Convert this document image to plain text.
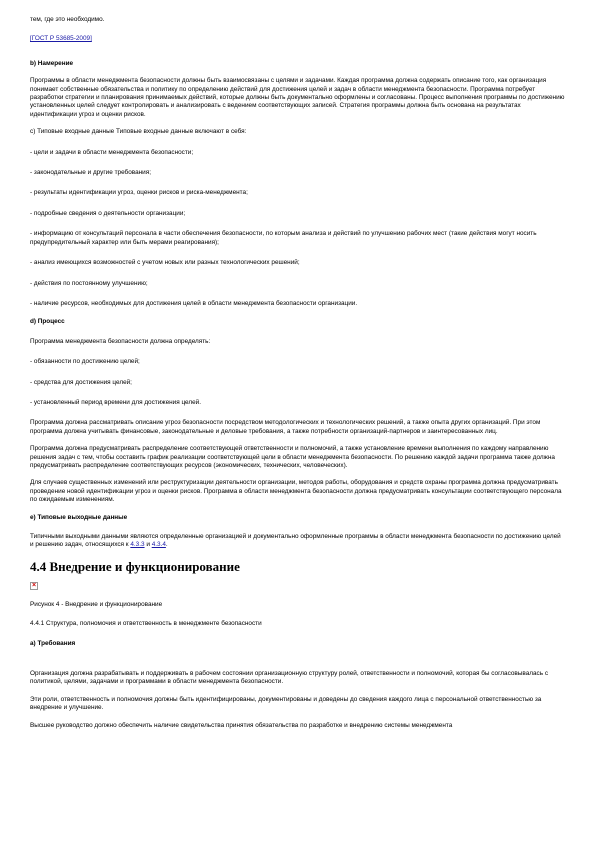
тем, где это необходимо.

[ГОСТ Р 53685-2009]

b) Намерение

Программы в области менеджмента безопасности должны быть взаимосвязаны с целями и задачами. Каждая программа должна содержать описание того, как организация понимает собственные обязательства и политику по определению действий для достижения целей и задач в области менеджмента безопасности. Программа потребует разработки стратегии и планирования принимаемых действий, которые должны быть документально оформлены и согласованы. Процесс выполнения программы по достижению установленных целей следует контролировать и анализировать с ведением соответствующих записей. Стратегия программы должна быть основана на результатах идентификации угроз и оценки рисков.

c) Типовые входные данные Типовые входные данные включают в себя:

- цели и задачи в области менеджмента безопасности;

- законодательные и другие требования;

- результаты идентификации угроз, оценки рисков и риска-менеджмента;

- подробные сведения о деятельности организации;

- информацию от консультаций персонала в части обеспечения безопасности, по которым анализа и действий по улучшению рабочих мест (такие действия могут носить предупредительный характер или быть мерами реагирования);

- анализ имеющихся возможностей с учетом новых или разных технологических решений;

- действия по постоянному улучшению;

- наличие ресурсов, необходимых для достижения целей в области менеджмента безопасности организации.

d) Процесс

Программа менеджмента безопасности должна определять:

- обязанности по достижению целей;

- средства для достижения целей;

- установленный период времени для достижения целей.

Программа должна рассматривать описание угроз безопасности посредством методологических и технологических решений, а также опыта других организаций. При этом программа должна учитывать финансовые, законодательные и деловые требования, а также потребности организаций-партнеров и заинтересованных лиц.

Программа должна предусматривать распределение соответствующей ответственности и полномочий, а также установление времени выполнения по каждому направлению решения задач с тем, чтобы составить график реализации соответствующей цели в области менеджмента безопасности. По решению каждой задачи программа также должна предусматривать распределение соответствующих ресурсов (экономических, технических, человеческих).

Для случаев существенных изменений или реструктуризации деятельности организации, методов работы, оборудования и средств охраны программа должна предусматривать проведение новой идентификации угроз и оценки рисков. Программа в области менеджмента безопасности должна предусматривать консультации соответствующего персонала по ожидаемым изменениям.

e) Типовые выходные данные

Типичными выходными данными являются определенные организацией и документально оформленные программы в области менеджмента безопасности по достижению целей и решению задач, относящихся к 4.3.3 и 4.3.4.

4.4 Внедрение и функционирование
×

Рисунок 4 - Внедрение и функционирование

4.4.1 Структура, полномочия и ответственность в менеджменте безопасности

а) Требования

Организация должна разрабатывать и поддерживать в рабочем состоянии организационную структуру ролей, ответственности и полномочий, которая бы согласовывалась с политикой, целями, задачами и программами в области менеджмента безопасности.

Эти роли, ответственность и полномочия должны быть идентифицированы, документированы и доведены до сведения каждого лица с персональной ответственностью за внедрение и улучшение.

Высшее руководство должно обеспечить наличие свидетельства принятия обязательства по разработке и внедрению системы менеджмента
